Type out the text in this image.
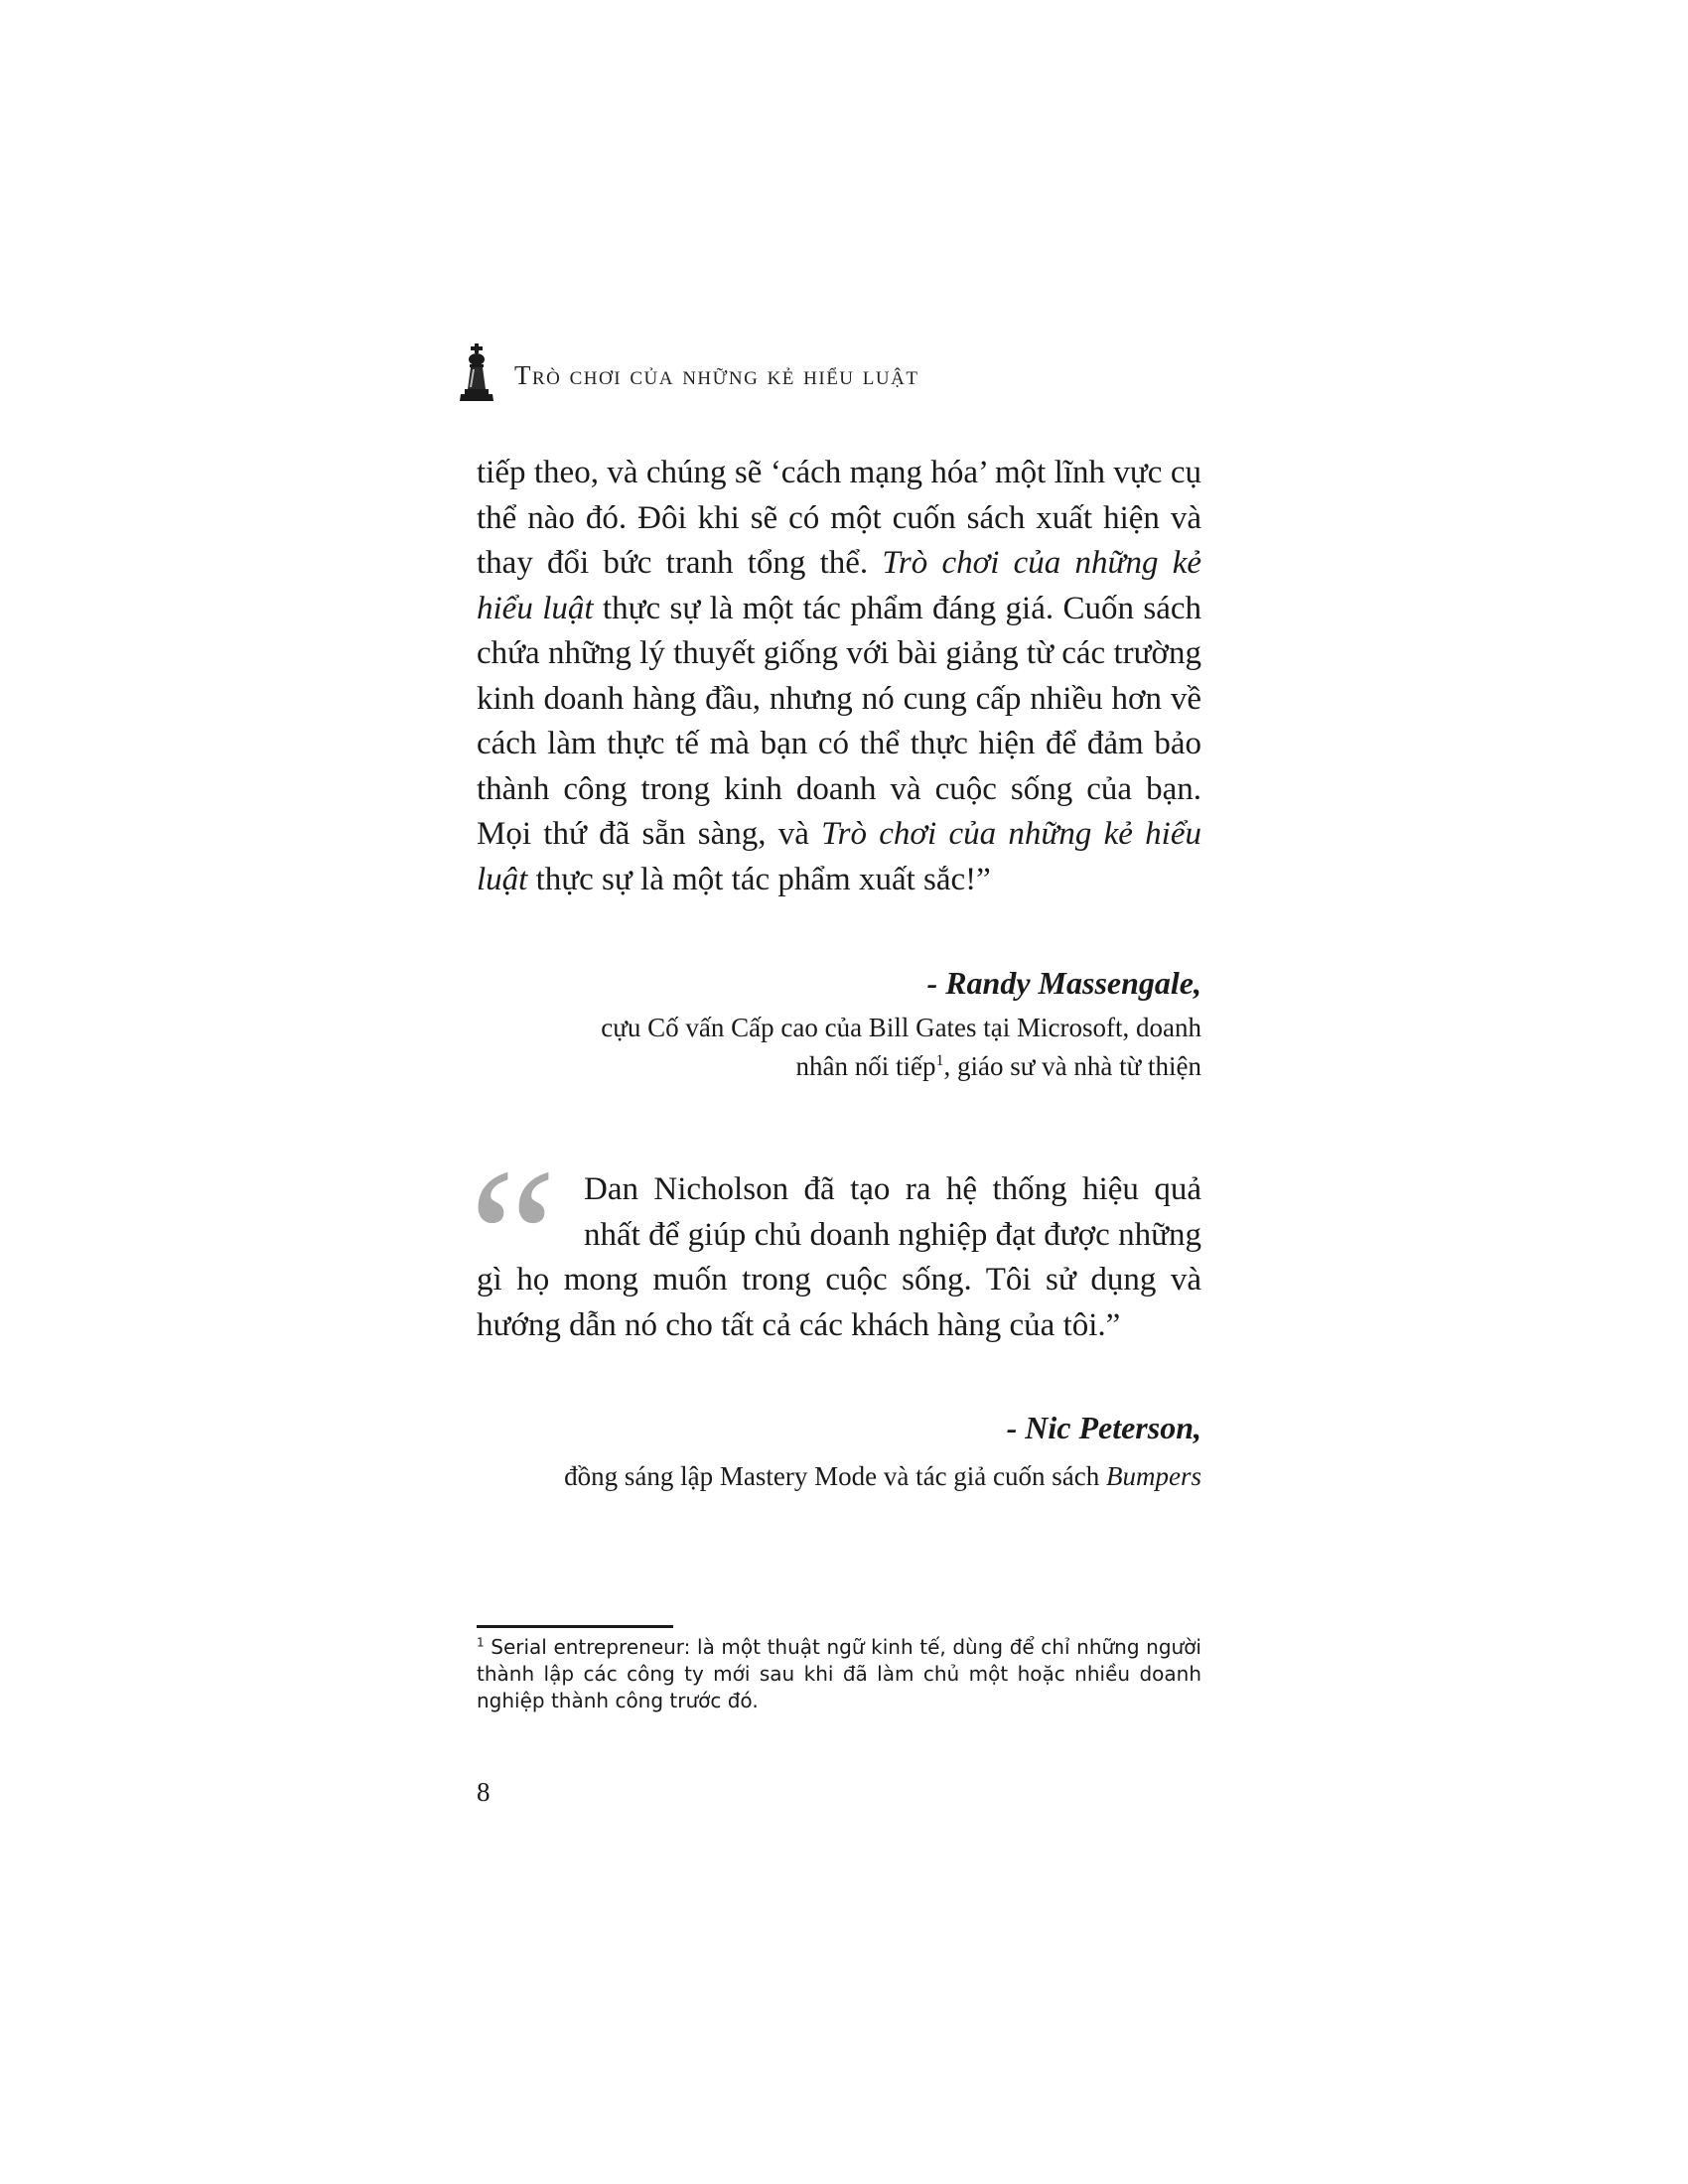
Trò chơi của những kẻ hiểu luật

tiếp theo, và chúng sẽ ‘cách mạng hóa’ một lĩnh vực cụ thể nào đó. Đôi khi sẽ có một cuốn sách xuất hiện và thay đổi bức tranh tổng thể. Trò chơi của những kẻ hiểu luật thực sự là một tác phẩm đáng giá. Cuốn sách chứa những lý thuyết giống với bài giảng từ các trường kinh doanh hàng đầu, nhưng nó cung cấp nhiều hơn về cách làm thực tế mà bạn có thể thực hiện để đảm bảo thành công trong kinh doanh và cuộc sống của bạn. Mọi thứ đã sẵn sàng, và Trò chơi của những kẻ hiểu luật thực sự là một tác phẩm xuất sắc!”

- Randy Massengale,
cựu Cố vấn Cấp cao của Bill Gates tại Microsoft, doanh
nhân nối tiếp$^1$, giáo sư và nhà từ thiện
“ Dan Nicholson đã tạo ra hệ thống hiệu quả nhất để giúp chủ doanh nghiệp đạt được những gì họ mong muốn trong cuộc sống. Tôi sử dụng và hướng dẫn nó cho tất cả các khách hàng của tôi.”

- Nic Peterson,
đồng sáng lập Mastery Mode và tác giả cuốn sách Bumpers
$^1$ Serial entrepreneur: là một thuật ngữ kinh tế, dùng để chỉ những người thành lập các công ty mới sau khi đã làm chủ một hoặc nhiều doanh nghiệp thành công trước đó.
8
